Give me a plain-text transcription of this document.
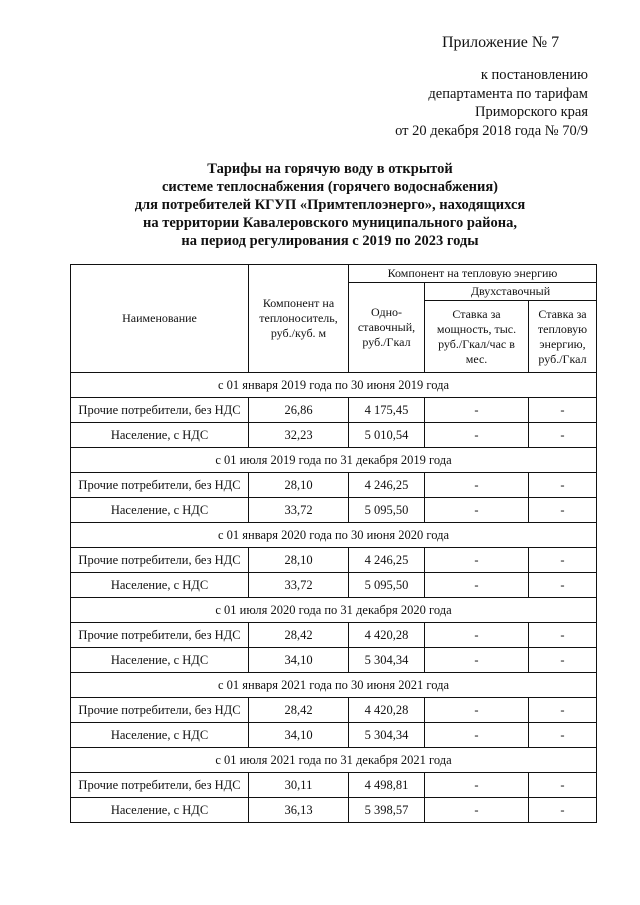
Приложение № 7
к постановлению
департамента по тарифам
Приморского края
от 20 декабря 2018 года № 70/9
Тарифы на горячую воду в открытой
системе теплоснабжения (горячего водоснабжения)
для потребителей КГУП «Примтеплоэнерго», находящихся
на территории Кавалеровского муниципального района,
на период регулирования с 2019 по 2023 годы
Наименование	Компонент на теплоноситель, руб./куб. м	Компонент на тепловую энергию		
		Одно-ставочный, руб./Гкал	Двухставочный	
			Ставка за мощность, тыс. руб./Гкал/час в мес.	Ставка за тепловую энергию, руб./Гкал
с 01 января 2019 года по 30 июня 2019 года				
Прочие потребители, без НДС	26,86	4 175,45	-	-
Население, с НДС	32,23	5 010,54	-	-
с 01 июля 2019 года по 31 декабря 2019 года				
Прочие потребители, без НДС	28,10	4 246,25	-	-
Население, с НДС	33,72	5 095,50	-	-
с 01 января 2020 года по 30 июня 2020 года				
Прочие потребители, без НДС	28,10	4 246,25	-	-
Население, с НДС	33,72	5 095,50	-	-
с 01 июля 2020 года по 31 декабря 2020 года				
Прочие потребители, без НДС	28,42	4 420,28	-	-
Население, с НДС	34,10	5 304,34	-	-
с 01 января 2021 года по 30 июня 2021 года				
Прочие потребители, без НДС	28,42	4 420,28	-	-
Население, с НДС	34,10	5 304,34	-	-
с 01 июля 2021 года по 31 декабря 2021 года				
Прочие потребители, без НДС	30,11	4 498,81	-	-
Население, с НДС	36,13	5 398,57	-	-
